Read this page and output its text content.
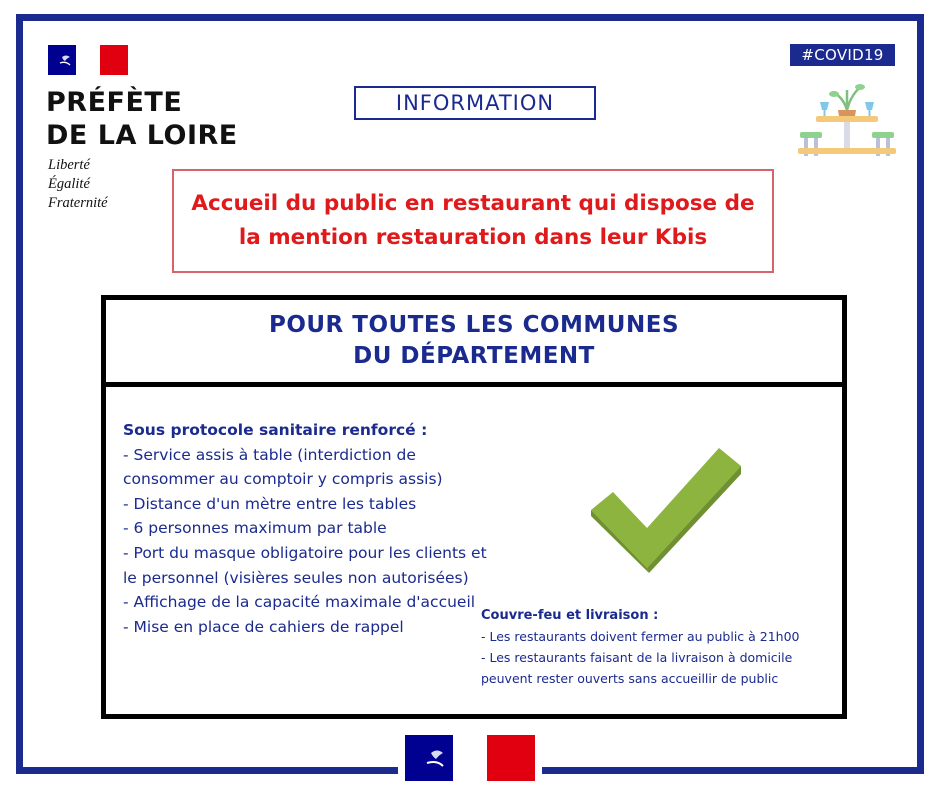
PRÉFÈTE
DE LA LOIRE
Liberté
Égalité
Fraternité
INFORMATION
#COVID19
Accueil du public en restaurant qui dispose de la mention restauration dans leur Kbis
POUR TOUTES LES COMMUNES
DU DÉPARTEMENT
Sous protocole sanitaire renforcé :
- Service assis à table (interdiction de consommer au comptoir y compris assis)
- Distance d'un mètre entre les tables
- 6 personnes maximum par table
- Port du masque obligatoire pour les clients et le personnel (visières seules non autorisées)
- Affichage de la capacité maximale d'accueil
- Mise en place de cahiers de rappel
Couvre-feu et livraison :
- Les restaurants doivent fermer au public à 21h00
- Les restaurants faisant de la livraison à domicile peuvent rester ouverts sans accueillir de public
